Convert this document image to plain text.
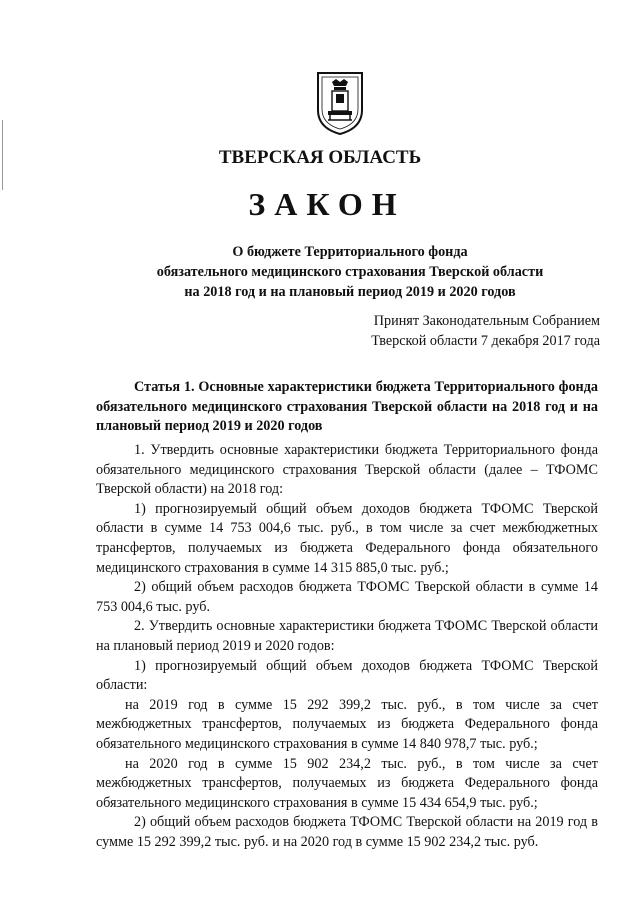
ТВЕРСКАЯ ОБЛАСТЬ
ЗАКОН
О бюджете Территориального фонда
обязательного медицинского страхования Тверской области
на 2018 год и на плановый период 2019 и 2020 годов
Принят Законодательным Собранием
Тверской области 7 декабря 2017 года
Статья 1. Основные характеристики бюджета Территориального фонда обязательного медицинского страхования Тверской области на 2018 год и на плановый период 2019 и 2020 годов

1. Утвердить основные характеристики бюджета Территориального фонда обязательного медицинского страхования Тверской области (далее – ТФОМС Тверской области) на 2018 год:

1) прогнозируемый общий объем доходов бюджета ТФОМС Тверской области в сумме 14 753 004,6 тыс. руб., в том числе за счет межбюджетных трансфертов, получаемых из бюджета Федерального фонда обязательного медицинского страхования в сумме 14 315 885,0 тыс. руб.;

2) общий объем расходов бюджета ТФОМС Тверской области в сумме 14 753 004,6 тыс. руб.

2. Утвердить основные характеристики бюджета ТФОМС Тверской области на плановый период 2019 и 2020 годов:

1) прогнозируемый общий объем доходов бюджета ТФОМС Тверской области:

на 2019 год в сумме 15 292 399,2 тыс. руб., в том числе за счет межбюджетных трансфертов, получаемых из бюджета Федерального фонда обязательного медицинского страхования в сумме 14 840 978,7 тыс. руб.;

на 2020 год в сумме 15 902 234,2 тыс. руб., в том числе за счет межбюджетных трансфертов, получаемых из бюджета Федерального фонда обязательного медицинского страхования в сумме 15 434 654,9 тыс. руб.;

2) общий объем расходов бюджета ТФОМС Тверской области на 2019 год в сумме 15 292 399,2 тыс. руб. и на 2020 год в сумме 15 902 234,2 тыс. руб.
